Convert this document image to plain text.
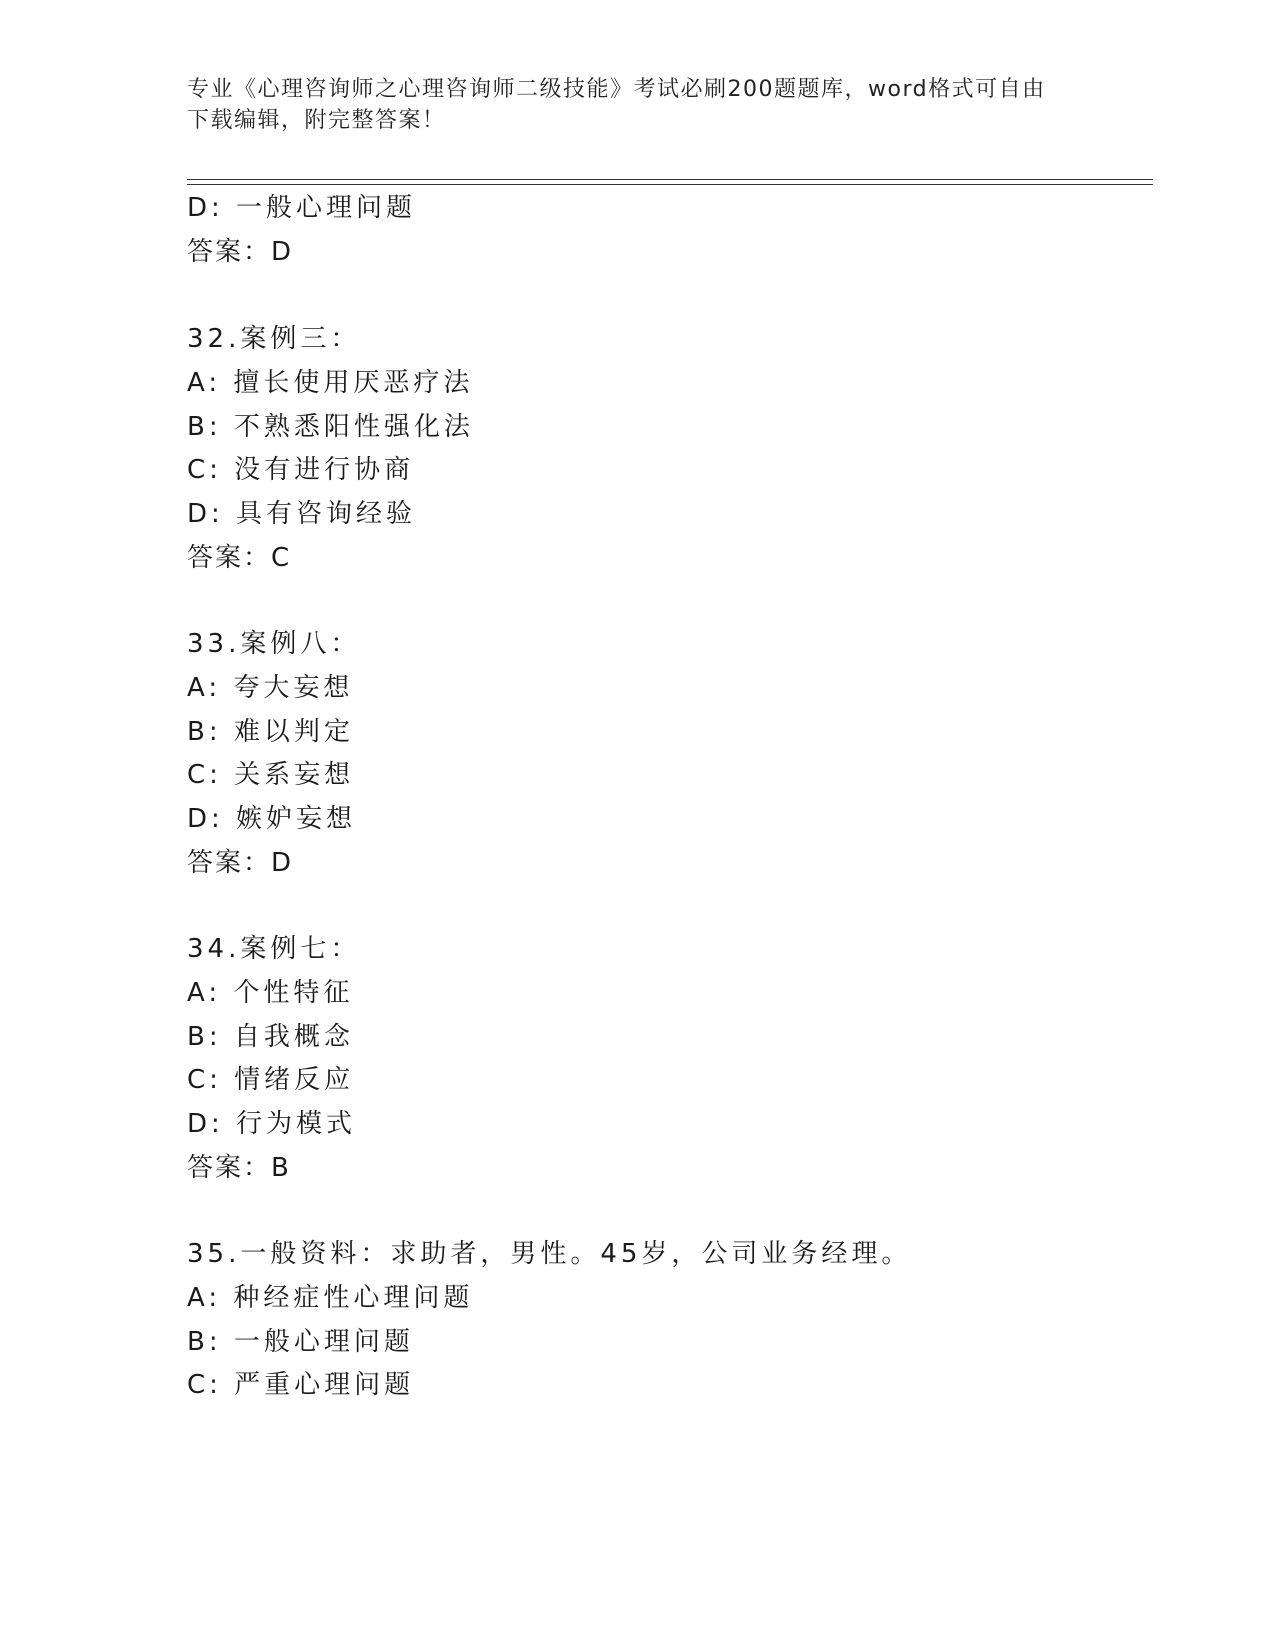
专业《心理咨询师之心理咨询师二级技能》考试必刷200题题库，word格式可自由下载编辑，附完整答案！
D: 一般心理问题
答案：D
32.案例三：
A: 擅长使用厌恶疗法
B: 不熟悉阳性强化法
C: 没有进行协商
D: 具有咨询经验
答案：C
33.案例八：
A: 夸大妄想
B: 难以判定
C: 关系妄想
D: 嫉妒妄想
答案：D
34.案例七：
A: 个性特征
B: 自我概念
C: 情绪反应
D: 行为模式
答案：B
35.一般资料：求助者，男性。45岁，公司业务经理。
A: 种经症性心理问题
B: 一般心理问题
C: 严重心理问题
